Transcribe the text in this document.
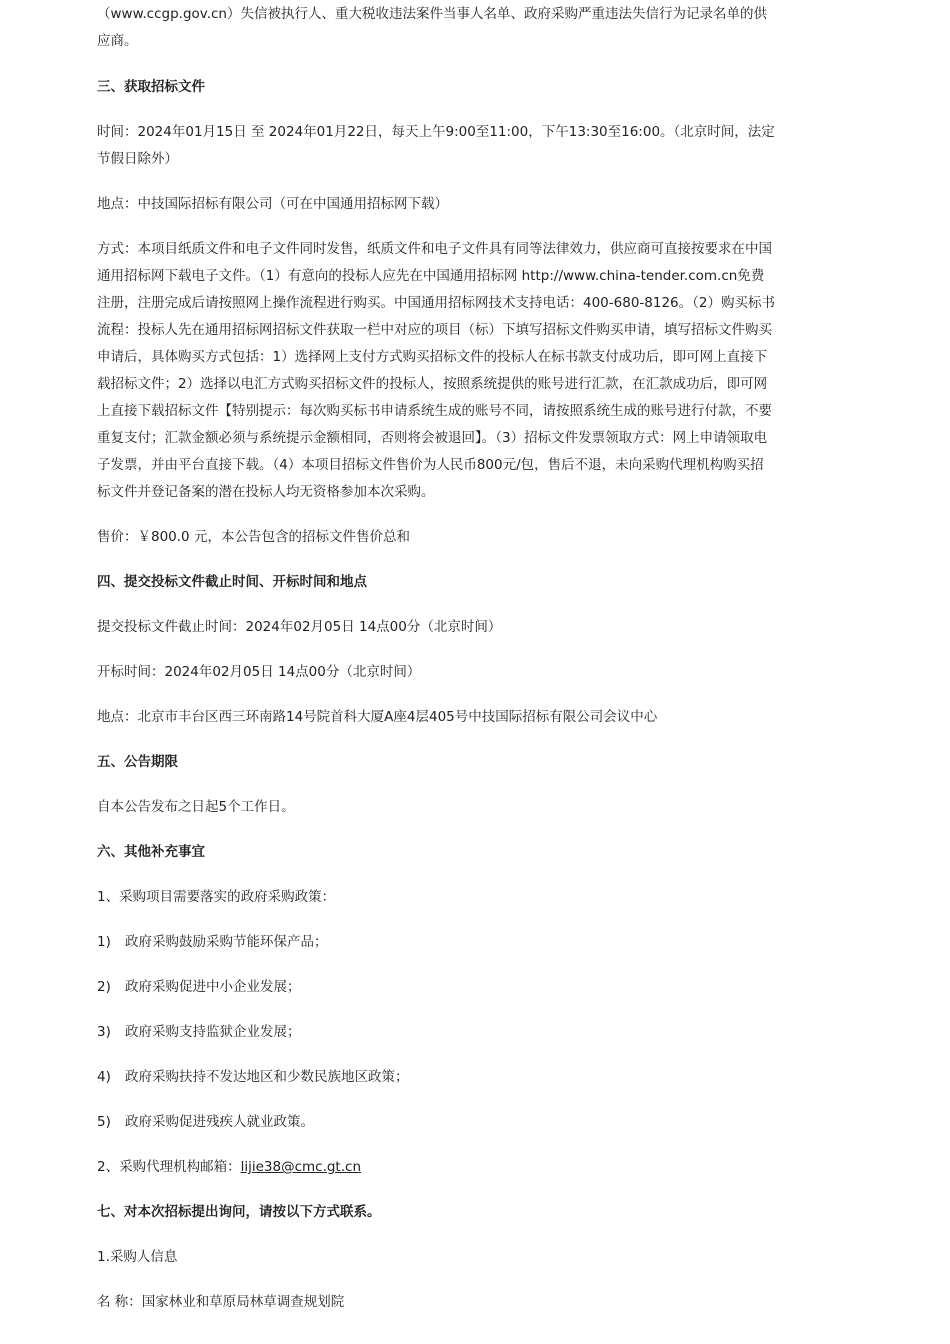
（www.ccgp.gov.cn）失信被执行人、重大税收违法案件当事人名单、政府采购严重违法失信行为记录名单的供应商。

三、获取招标文件

时间：2024年01月15日 至 2024年01月22日，每天上午9:00至11:00，下午13:30至16:00。（北京时间，法定节假日除外）

地点：中技国际招标有限公司（可在中国通用招标网下载）

方式：本项目纸质文件和电子文件同时发售，纸质文件和电子文件具有同等法律效力，供应商可直接按要求在中国通用招标网下载电子文件。（1）有意向的投标人应先在中国通用招标网 http://www.china-tender.com.cn免费注册，注册完成后请按照网上操作流程进行购买。中国通用招标网技术支持电话：400-680-8126。（2）购买标书流程：投标人先在通用招标网招标文件获取一栏中对应的项目（标）下填写招标文件购买申请，填写招标文件购买申请后，具体购买方式包括：1）选择网上支付方式购买招标文件的投标人在标书款支付成功后，即可网上直接下载招标文件；2）选择以电汇方式购买招标文件的投标人，按照系统提供的账号进行汇款，在汇款成功后，即可网上直接下载招标文件【特别提示：每次购买标书申请系统生成的账号不同，请按照系统生成的账号进行付款，不要重复支付；汇款金额必须与系统提示金额相同，否则将会被退回】。（3）招标文件发票领取方式：网上申请领取电子发票，并由平台直接下载。（4）本项目招标文件售价为人民币800元/包，售后不退，未向采购代理机构购买招标文件并登记备案的潜在投标人均无资格参加本次采购。

售价：￥800.0 元，本公告包含的招标文件售价总和

四、提交投标文件截止时间、开标时间和地点

提交投标文件截止时间：2024年02月05日 14点00分（北京时间）

开标时间：2024年02月05日 14点00分（北京时间）

地点：北京市丰台区西三环南路14号院首科大厦A座4层405号中技国际招标有限公司会议中心

五、公告期限

自本公告发布之日起5个工作日。

六、其他补充事宜

1、采购项目需要落实的政府采购政策：

1) 政府采购鼓励采购节能环保产品；

2) 政府采购促进中小企业发展；

3) 政府采购支持监狱企业发展；

4) 政府采购扶持不发达地区和少数民族地区政策；

5) 政府采购促进残疾人就业政策。

2、采购代理机构邮箱：lijie38@cmc.gt.cn

七、对本次招标提出询问，请按以下方式联系。

1.采购人信息

名 称：国家林业和草原局林草调查规划院
